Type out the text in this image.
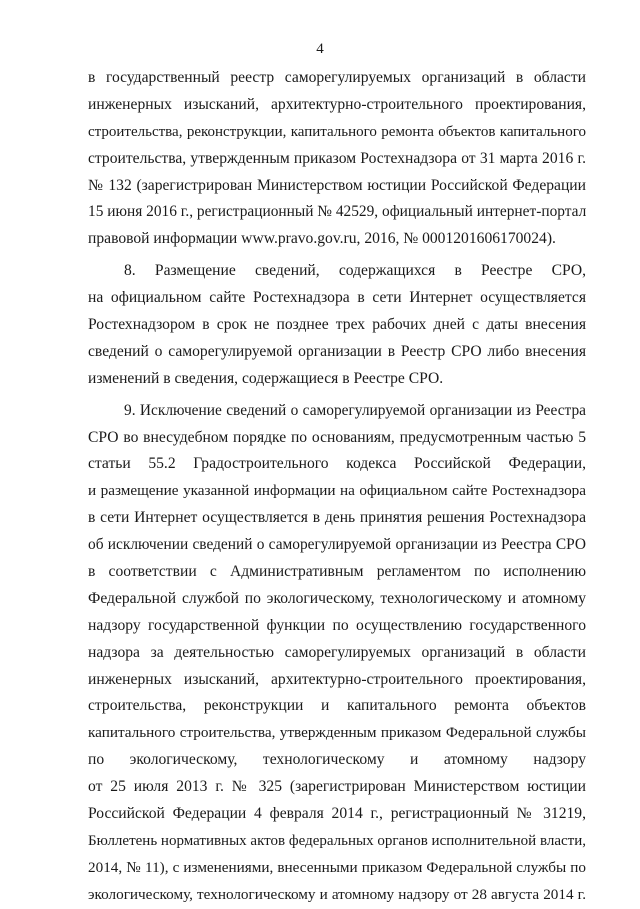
4
в государственный реестр саморегулируемых организаций в области
инженерных изысканий, архитектурно-строительного проектирования,
строительства, реконструкции, капитального ремонта объектов капитального
строительства, утвержденным приказом Ростехнадзора от 31 марта 2016 г.
№ 132 (зарегистрирован Министерством юстиции Российской Федерации
15 июня 2016 г., регистрационный № 42529, официальный интернет-портал
правовой информации www.pravo.gov.ru, 2016, № 0001201606170024).
8. Размещение сведений, содержащихся в Реестре СРО,
на официальном сайте Ростехнадзора в сети Интернет осуществляется
Ростехнадзором в срок не позднее трех рабочих дней с даты внесения
сведений о саморегулируемой организации в Реестр СРО либо внесения
изменений в сведения, содержащиеся в Реестре СРО.
9. Исключение сведений о саморегулируемой организации из Реестра
СРО во внесудебном порядке по основаниям, предусмотренным частью 5
статьи 55.2 Градостроительного кодекса Российской Федерации,
и размещение указанной информации на официальном сайте Ростехнадзора
в сети Интернет осуществляется в день принятия решения Ростехнадзора
об исключении сведений о саморегулируемой организации из Реестра СРО
в соответствии с Административным регламентом по исполнению
Федеральной службой по экологическому, технологическому и атомному
надзору государственной функции по осуществлению государственного
надзора за деятельностью саморегулируемых организаций в области
инженерных изысканий, архитектурно-строительного проектирования,
строительства, реконструкции и капитального ремонта объектов
капитального строительства, утвержденным приказом Федеральной службы
по экологическому, технологическому и атомному надзору
от 25 июля 2013 г. № 325 (зарегистрирован Министерством юстиции
Российской Федерации 4 февраля 2014 г., регистрационный № 31219,
Бюллетень нормативных актов федеральных органов исполнительной власти,
2014, № 11), с изменениями, внесенными приказом Федеральной службы по
экологическому, технологическому и атомному надзору от 28 августа 2014 г.
